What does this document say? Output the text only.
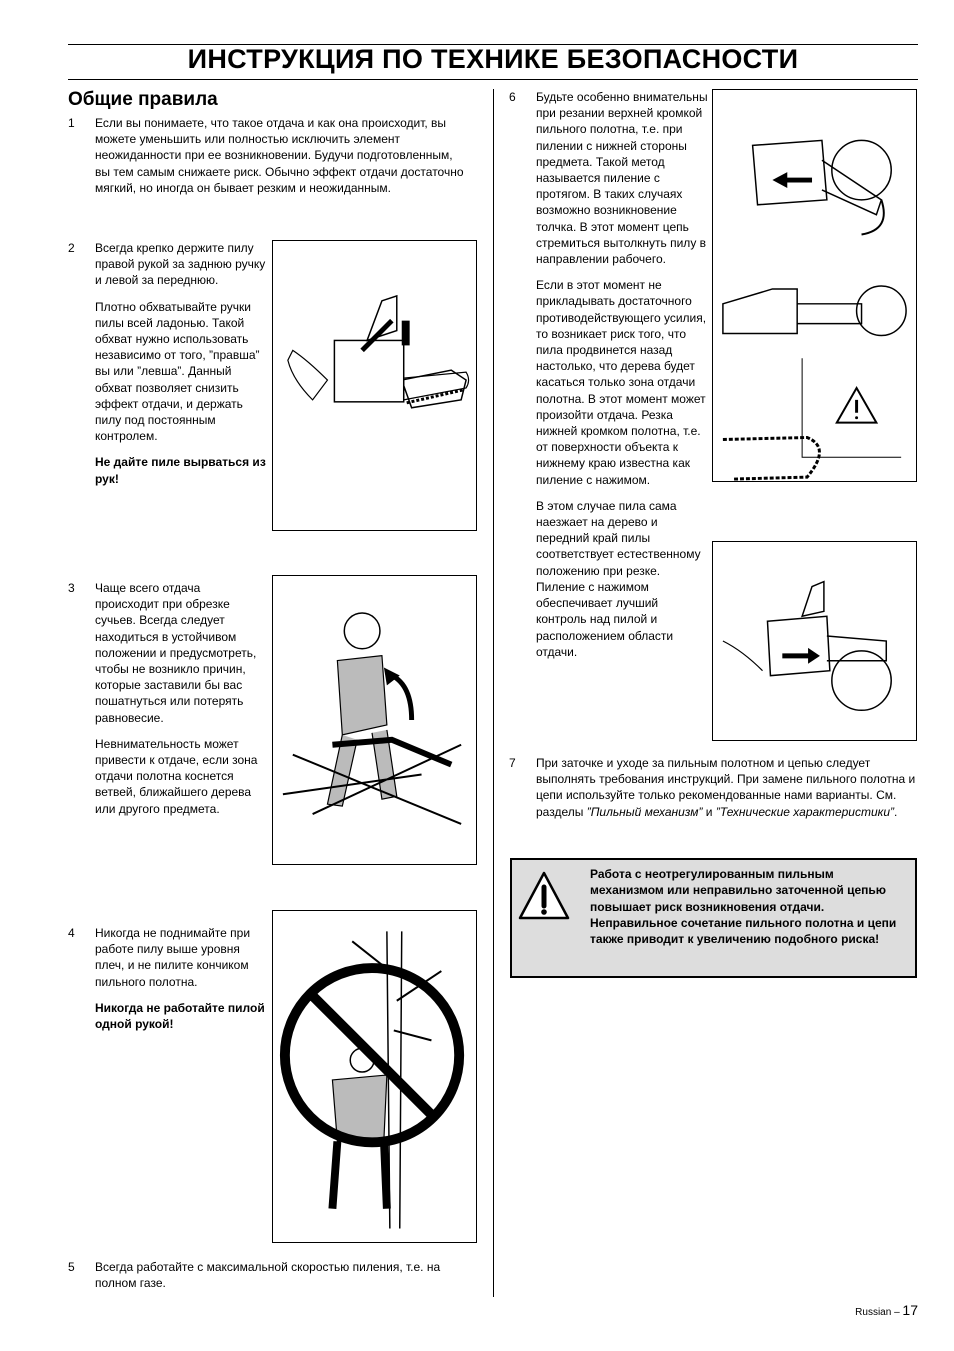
ИНСТРУКЦИЯ ПО ТЕХНИКЕ БЕЗОПАСНОСТИ
Общие правила
1 Если вы понимаете, что такое отдача и как она происходит, вы можете уменьшить или полностью исключить элемент неожиданности при ее возникновении. Будучи подготовленным, вы тем самым снижаете риск. Обычно эффект отдачи достаточно мягкий, но иногда он бывает резким и неожиданным.
2 Всегда крепко держите пилу правой рукой за заднюю ручку и левой за переднюю.

Плотно обхватывайте ручки пилы всей ладонью. Такой обхват нужно использовать независимо от того, ”правша” вы или ”левша”. Данный обхват позволяет снизить эффект отдачи, и держать пилу под постоянным контролем.

Не дайте пиле вырваться из рук!

3 Чаще всего отдача происходит при обрезке сучьев. Всегда следует находиться в устойчивом положении и предусмотреть, чтобы не возникло причин, которые заставили бы вас пошатнуться или потерять равновесие.

Невнимательность может привести к отдаче, если зона отдачи полотна коснется ветвей, ближайшего дерева или другого предмета.

4 Никогда не поднимайте при работе пилу выше уровня плеч, и не пилите кончиком пильного полотна.

Никогда не работайте пилой одной рукой!

5 Всегда работайте с максимальной скоростью пиления, т.е. на полном газе.
6 Будьте особенно внимательны при резании верхней кромкой пильного полотна, т.е. при пилении с нижней стороны предмета. Такой метод называется пиление с протягом. В таких случаях возможно возникновение толчка. В этот момент цепь стремиться вытолкнуть пилу в направлении рабочего.

Если в этот момент не прикладывать достаточного противодействующего усилия, то возникает риск того, что пила продвинется назад настолько, что дерева будет касаться только зона отдачи полотна. В этот момент может произойти отдача. Резка нижней кромком полотна, т.е. от поверхности объекта к нижнему краю известна как пиление с нажимом.

В этом случае пила сама наезжает на дерево и передний край пилы соответствует естественному положению при резке. Пиление с нажимом обеспечивает лучший контроль над пилой и расположением области отдачи.

7 При заточке и уходе за пильным полотном и цепью следует выполнять требования инструкций. При замене пильного полотна и цепи используйте только рекомендованные нами варианты. См. разделы ”Пильный механизм” и ”Технические характеристики”.
Работа с неотрегулированным пильным механизмом или неправильно заточенной цепью повышает риск возникновения отдачи. Неправильное сочетание пильного полотна и цепи также приводит к увеличению подобного риска!
Russian – 17
